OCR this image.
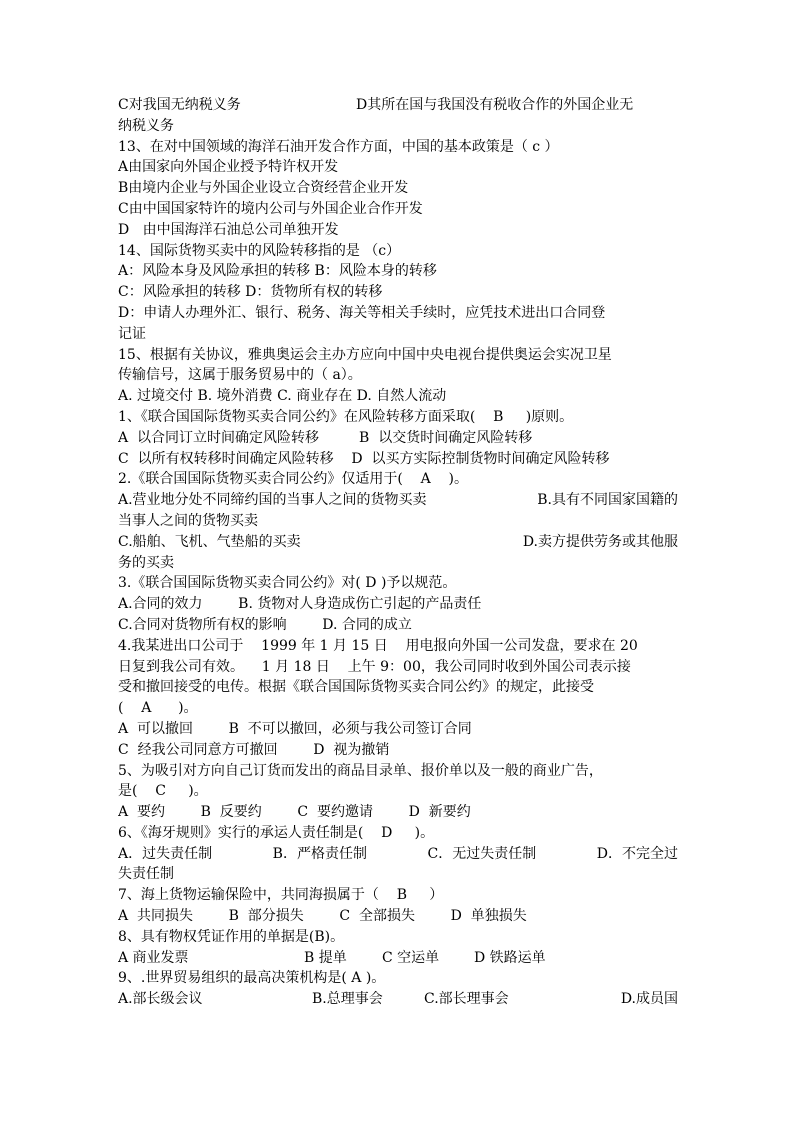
C对我国无纳税义务	D其所在国与我国没有税收合作的外国企业无
纳税义务
13、在对中国领域的海洋石油开发合作方面，中国的基本政策是（ c ）
A由国家向外国企业授予特许权开发
B由境内企业与外国企业设立合资经营企业开发
C由中国国家特许的境内公司与外国企业合作开发
D   由中国海洋石油总公司单独开发
14、国际货物买卖中的风险转移指的是 （c）
A：风险本身及风险承担的转移 B：风险本身的转移
C：风险承担的转移 D：货物所有权的转移
D：申请人办理外汇、银行、税务、海关等相关手续时，应凭技术进出口合同登
记证
15、根据有关协议，雅典奥运会主办方应向中国中央电视台提供奥运会实况卫星
传输信号，这属于服务贸易中的（ a）。
A. 过境交付 B. 境外消费 C. 商业存在 D. 自然人流动
1、《联合国国际货物买卖合同公约》在风险转移方面采取(    B     )原则。
A  以合同订立时间确定风险转移         B  以交货时间确定风险转移
C  以所有权转移时间确定风险转移    D  以买方实际控制货物时间确定风险转移
2.《联合国国际货物买卖合同公约》仅适用于(    A    )。
A.营业地分处不同缔约国的当事人之间的货物买卖	B.具有不同国家国籍的
当事人之间的货物买卖
C.船舶、飞机、气垫船的买卖	D.卖方提供劳务或其他服
务的买卖
3.《联合国国际货物买卖合同公约》对( D )予以规范。
A.合同的效力        B. 货物对人身造成伤亡引起的产品责任
C.合同对货物所有权的影响        D. 合同的成立
4.我某进出口公司于    1999 年 1 月 15 日    用电报向外国一公司发盘，要求在 20
日复到我公司有效。    1 月 18 日    上午 9：00，我公司同时收到外国公司表示接
受和撤回接受的电传。根据《联合国国际货物买卖合同公约》的规定，此接受
(    A      )。
A  可以撤回        B  不可以撤回，必须与我公司签订合同
C  经我公司同意方可撤回        D  视为撤销
5、为吸引对方向自己订货而发出的商品目录单、报价单以及一般的商业广告，
是(    C     )。
A  要约        B  反要约        C  要约邀请        D  新要约
6、《海牙规则》实行的承运人责任制是(    D     )。
A．过失责任制	B．严格责任制	C．无过失责任制	D．不完全过
失责任制
7、海上货物运输保险中，共同海损属于（    B     ）
A  共同损失        B  部分损失        C  全部损失        D  单独损失
8、具有物权凭证作用的单据是(B)。
A 商业发票	B 提单	C 空运单 D 铁路运单
9、.世界贸易组织的最高决策机构是( A )。
A.部长级会议	B.总理事会	C.部长理事会	D.成员国
